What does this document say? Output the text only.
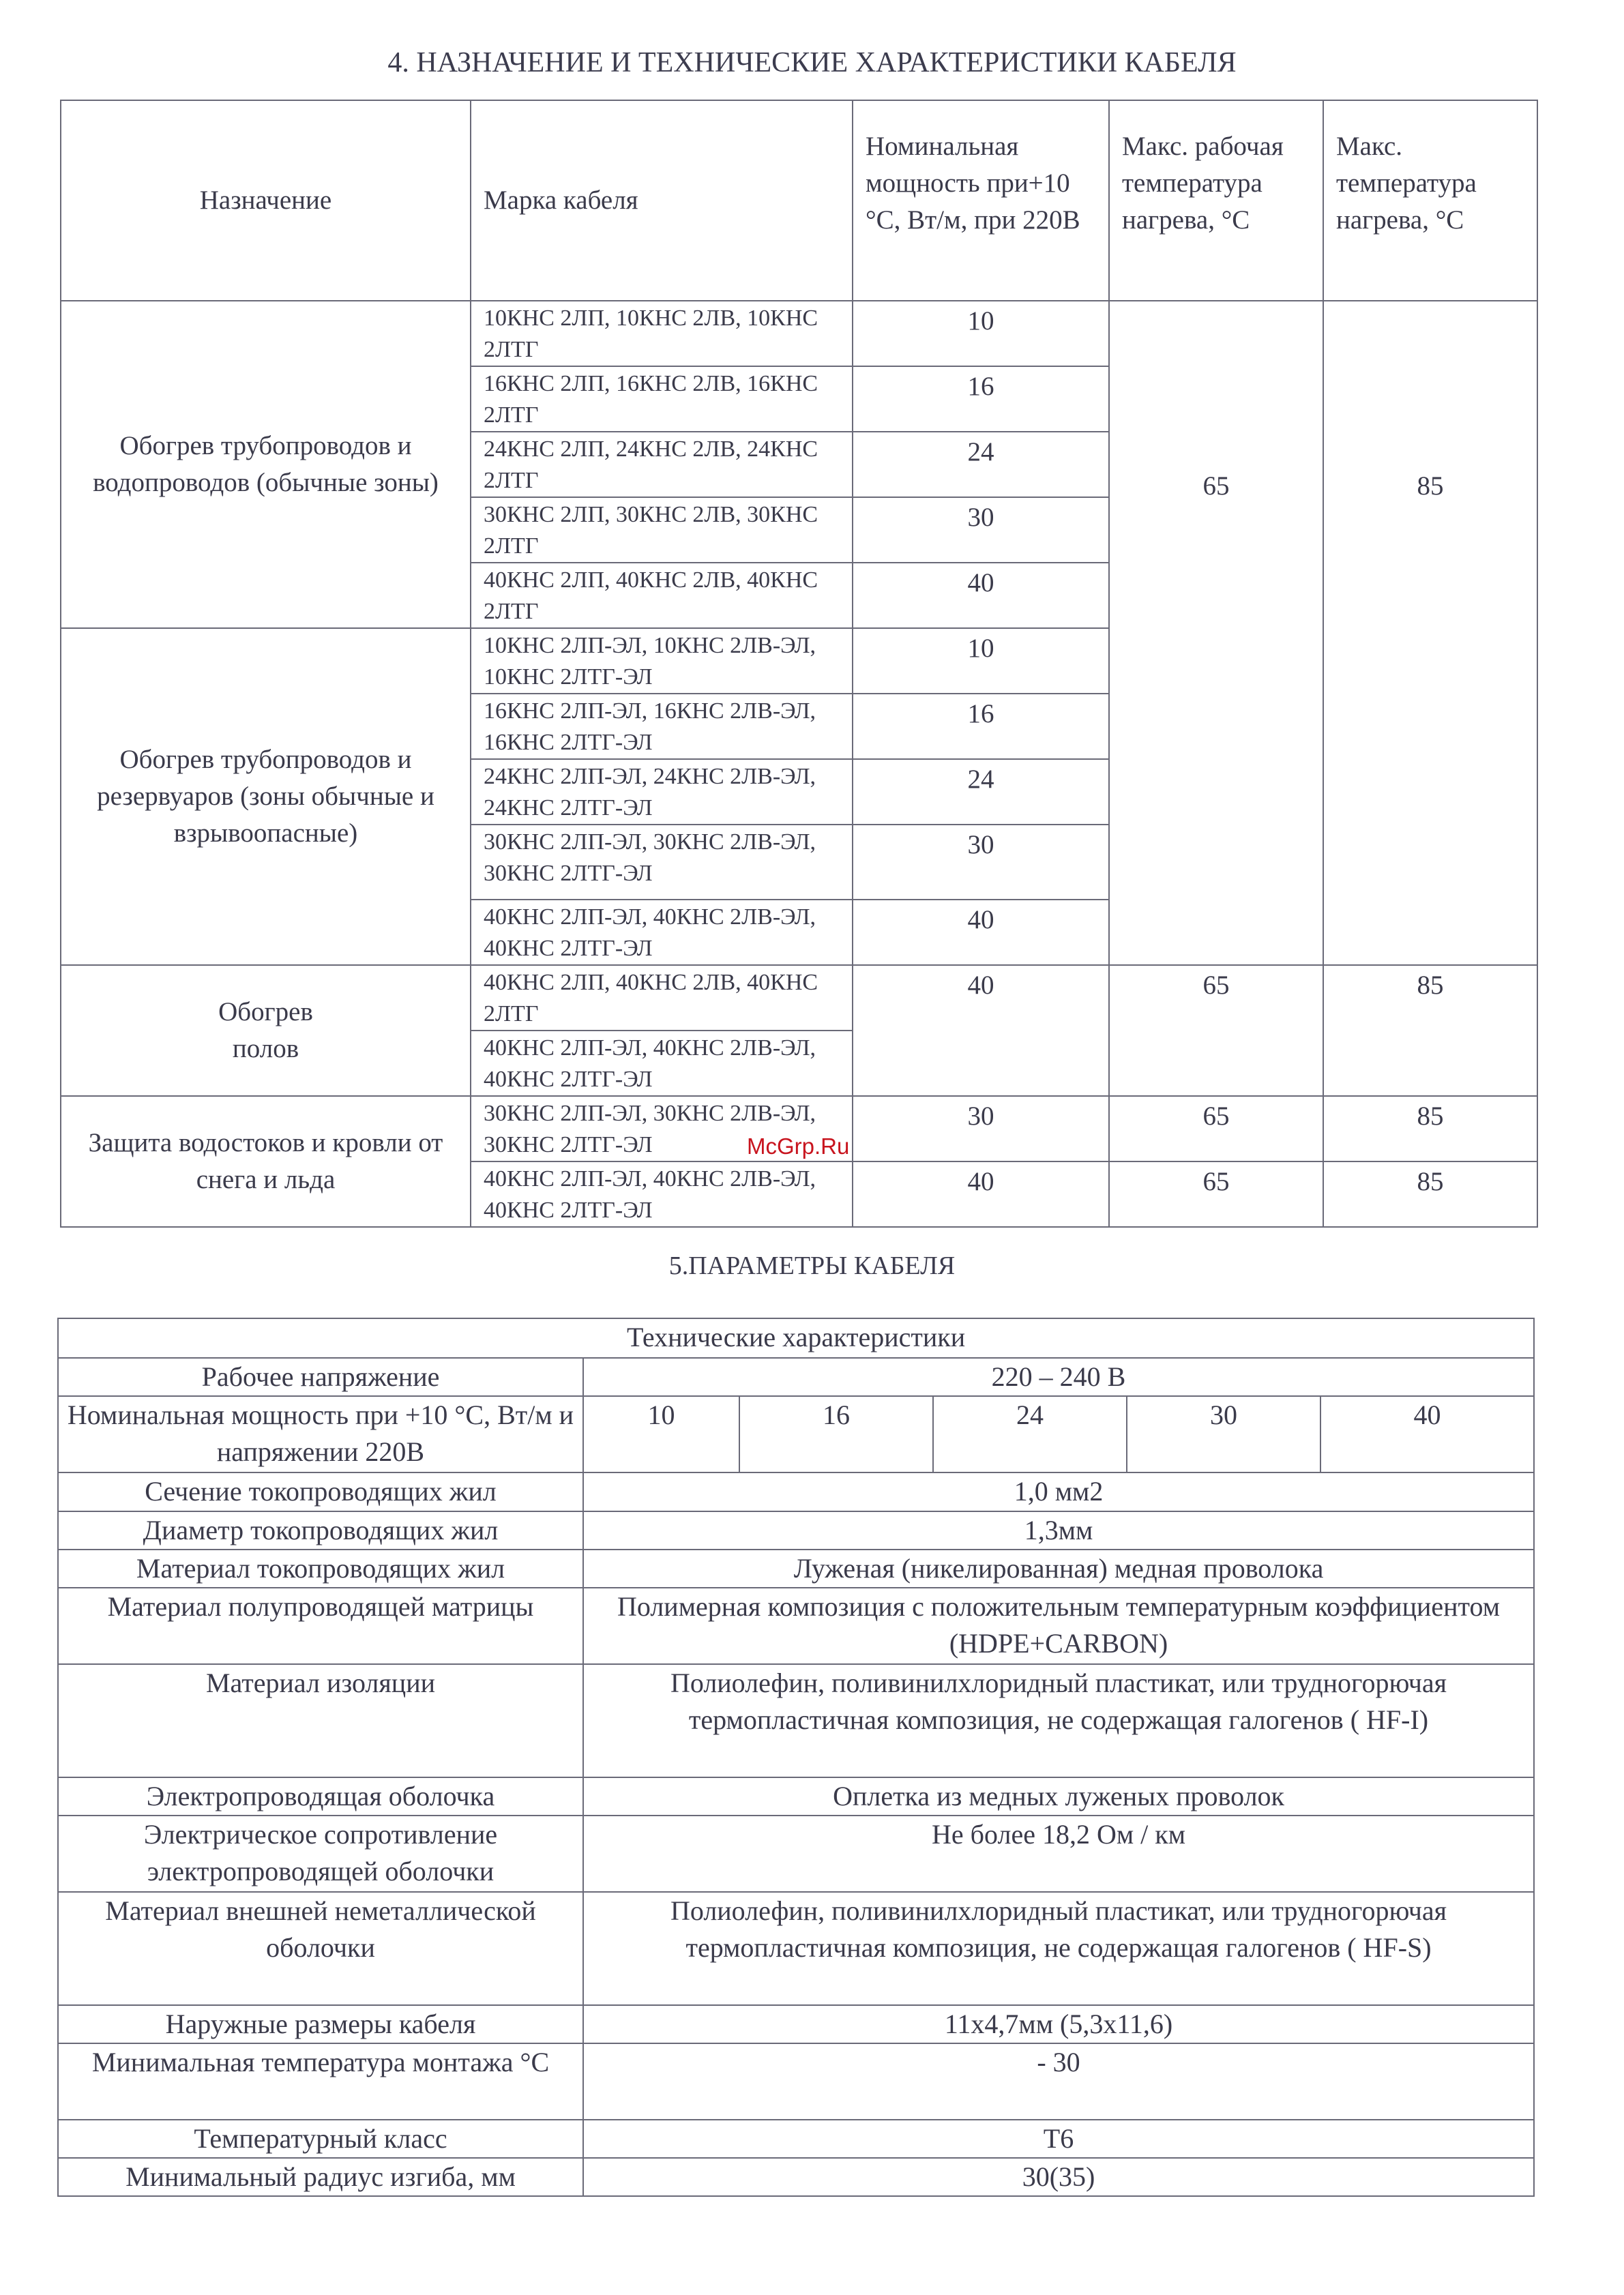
4. НАЗНАЧЕНИЕ И ТЕХНИЧЕСКИЕ ХАРАКТЕРИСТИКИ КАБЕЛЯ
Назначение	Марка кабеля	Номинальная мощность при+10 °С, Вт/м, при 220В	Макс. рабочая температура нагрева, °С	Макс. температура нагрева, °С
Обогрев трубопроводов и водопроводов (обычные зоны)	10КНС 2ЛП, 10КНС 2ЛВ, 10КНС 2ЛТГ	10	65	85
	16КНС 2ЛП, 16КНС 2ЛВ, 16КНС 2ЛТГ	16		
	24КНС 2ЛП, 24КНС 2ЛВ, 24КНС 2ЛТГ	24		
	30КНС 2ЛП, 30КНС 2ЛВ, 30КНС 2ЛТГ	30		
	40КНС 2ЛП, 40КНС 2ЛВ, 40КНС 2ЛТГ	40		
Обогрев трубопроводов и резервуаров (зоны обычные и взрывоопасные)	10КНС 2ЛП-ЭЛ, 10КНС 2ЛВ-ЭЛ, 10КНС 2ЛТГ-ЭЛ	10		
	16КНС 2ЛП-ЭЛ, 16КНС 2ЛВ-ЭЛ, 16КНС 2ЛТГ-ЭЛ	16		
	24КНС 2ЛП-ЭЛ, 24КНС 2ЛВ-ЭЛ, 24КНС 2ЛТГ-ЭЛ	24		
	30КНС 2ЛП-ЭЛ, 30КНС 2ЛВ-ЭЛ, 30КНС 2ЛТГ-ЭЛ	30		
	40КНС 2ЛП-ЭЛ, 40КНС 2ЛВ-ЭЛ, 40КНС 2ЛТГ-ЭЛ	40		

Обогрев полов	40КНС 2ЛП, 40КНС 2ЛВ, 40КНС 2ЛТГ	40	65	85
	40КНС 2ЛП-ЭЛ, 40КНС 2ЛВ-ЭЛ, 40КНС 2ЛТГ-ЭЛ			
Защита водостоков и кровли от снега и льда	30КНС 2ЛП-ЭЛ, 30КНС 2ЛВ-ЭЛ, 30КНС 2ЛТГ-ЭЛ	30	65	85
	40КНС 2ЛП-ЭЛ, 40КНС 2ЛВ-ЭЛ, 40КНС 2ЛТГ-ЭЛ	40	65	85
McGrp.Ru
5.ПАРАМЕТРЫ КАБЕЛЯ
Технические характеристики					
Рабочее напряжение	220 – 240 В				
Номинальная мощность при +10 °С, Вт/м и напряжении 220В	10	16	24	30	40
Сечение токопроводящих жил	1,0 мм2				
Диаметр токопроводящих жил	1,3мм				
Материал токопроводящих жил	Луженая (никелированная) медная проволока				
Материал полупроводящей матрицы	Полимерная композиция с положительным температурным коэффициентом (HDPE+CARBON)				
Материал изоляции	Полиолефин, поливинилхлоридный пластикат, или трудногорючая термопластичная композиция, не содержащая галогенов ( HF-I)				
Электропроводящая оболочка	Оплетка из медных луженых проволок				
Электрическое сопротивление электропроводящей оболочки	Не более 18,2 Ом / км				
Материал внешней неметаллической оболочки	Полиолефин, поливинилхлоридный пластикат, или трудногорючая термопластичная композиция, не содержащая галогенов ( HF-S)				
Наружные размеры кабеля	11х4,7мм (5,3х11,6)				
Минимальная температура монтажа °С	- 30				
Температурный класс	Т6				
Минимальный радиус изгиба, мм	30(35)				
